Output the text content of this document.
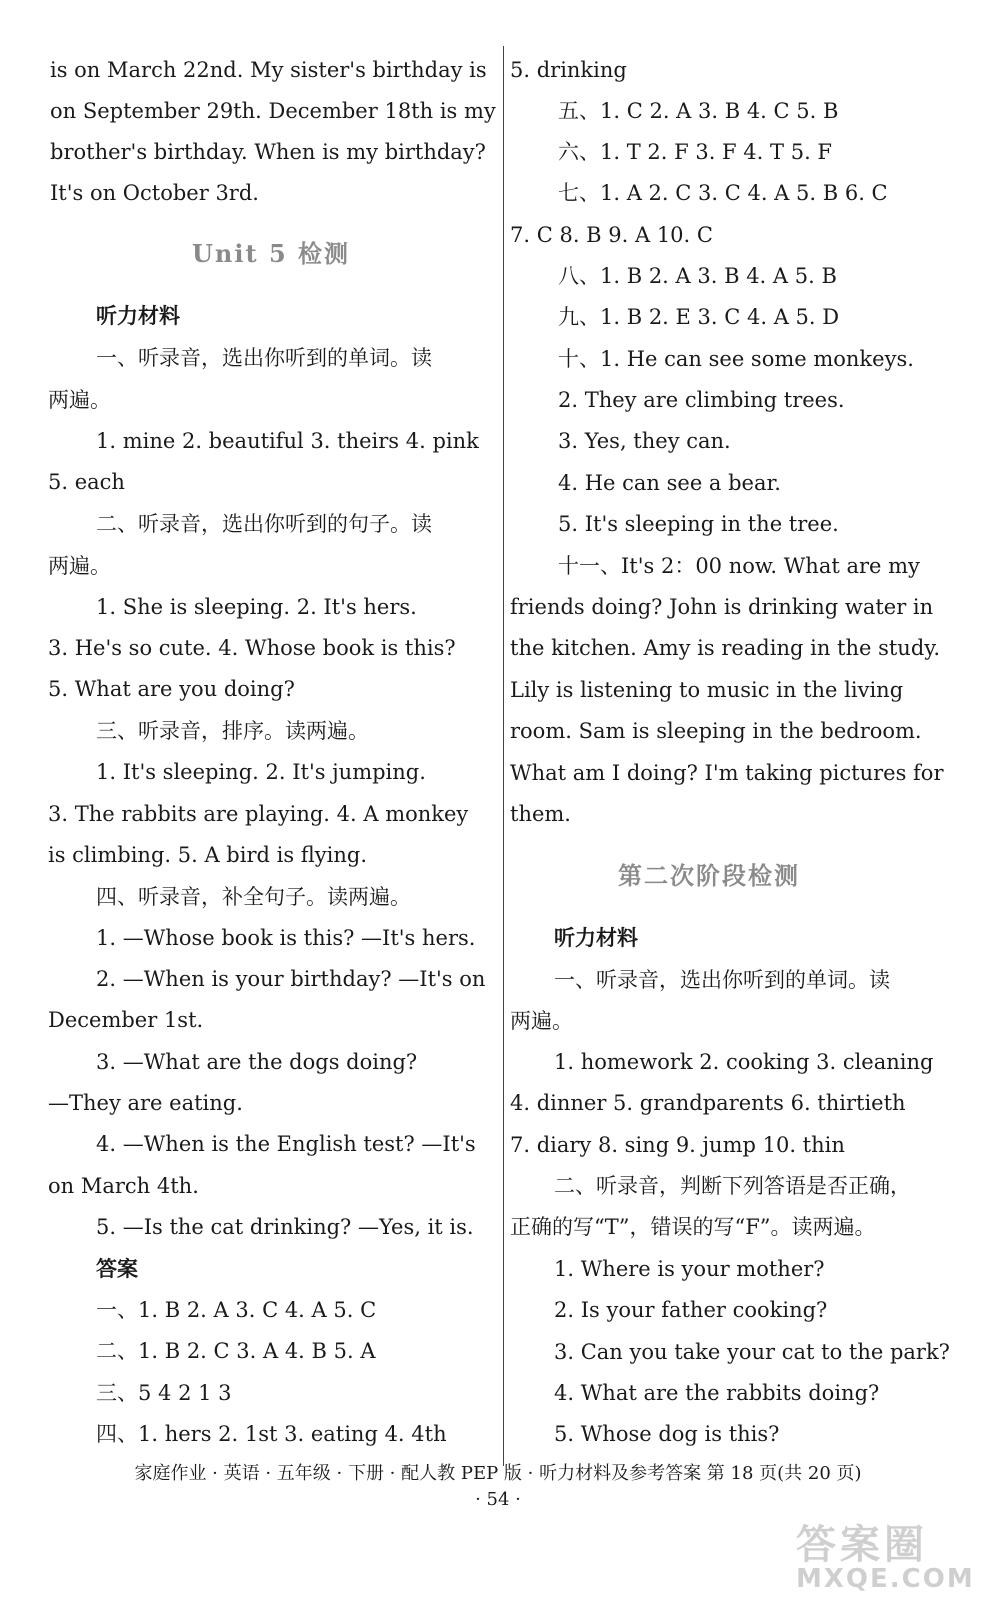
is on March 22nd. My sister's birthday is
on September 29th. December 18th is my
brother's birthday. When is my birthday?
It's on October 3rd.
Unit 5 检测
听力材料
一、听录音，选出你听到的单词。读
两遍。
1. mine 2. beautiful 3. theirs 4. pink
5. each
二、听录音，选出你听到的句子。读
两遍。
1. She is sleeping. 2. It's hers.
3. He's so cute. 4. Whose book is this?
5. What are you doing?
三、听录音，排序。读两遍。
1. It's sleeping. 2. It's jumping.
3. The rabbits are playing. 4. A monkey
is climbing. 5. A bird is flying.
四、听录音，补全句子。读两遍。
1. —Whose book is this? —It's hers.
2. —When is your birthday? —It's on
December 1st.
3. —What are the dogs doing?
—They are eating.
4. —When is the English test? —It's
on March 4th.
5. —Is the cat drinking? —Yes, it is.
答案
一、1. B 2. A 3. C 4. A 5. C
二、1. B 2. C 3. A 4. B 5. A
三、5 4 2 1 3
四、1. hers 2. 1st 3. eating 4. 4th
5. drinking
五、1. C 2. A 3. B 4. C 5. B
六、1. T 2. F 3. F 4. T 5. F
七、1. A 2. C 3. C 4. A 5. B 6. C
7. C 8. B 9. A 10. C
八、1. B 2. A 3. B 4. A 5. B
九、1. B 2. E 3. C 4. A 5. D
十、1. He can see some monkeys.
2. They are climbing trees.
3. Yes, they can.
4. He can see a bear.
5. It's sleeping in the tree.
十一、It's 2：00 now. What are my
friends doing? John is drinking water in
the kitchen. Amy is reading in the study.
Lily is listening to music in the living
room. Sam is sleeping in the bedroom.
What am I doing? I'm taking pictures for
them.
第二次阶段检测
听力材料
一、听录音，选出你听到的单词。读
两遍。
1. homework 2. cooking 3. cleaning
4. dinner 5. grandparents 6. thirtieth
7. diary 8. sing 9. jump 10. thin
二、听录音，判断下列答语是否正确，
正确的写“T”，错误的写“F”。读两遍。
1. Where is your mother?
2. Is your father cooking?
3. Can you take your cat to the park?
4. What are the rabbits doing?
5. Whose dog is this?
家庭作业 · 英语 · 五年级 · 下册 · 配人教 PEP 版 · 听力材料及参考答案 第 18 页(共 20 页)
· 54 ·
答案圈
MXQE.COM
